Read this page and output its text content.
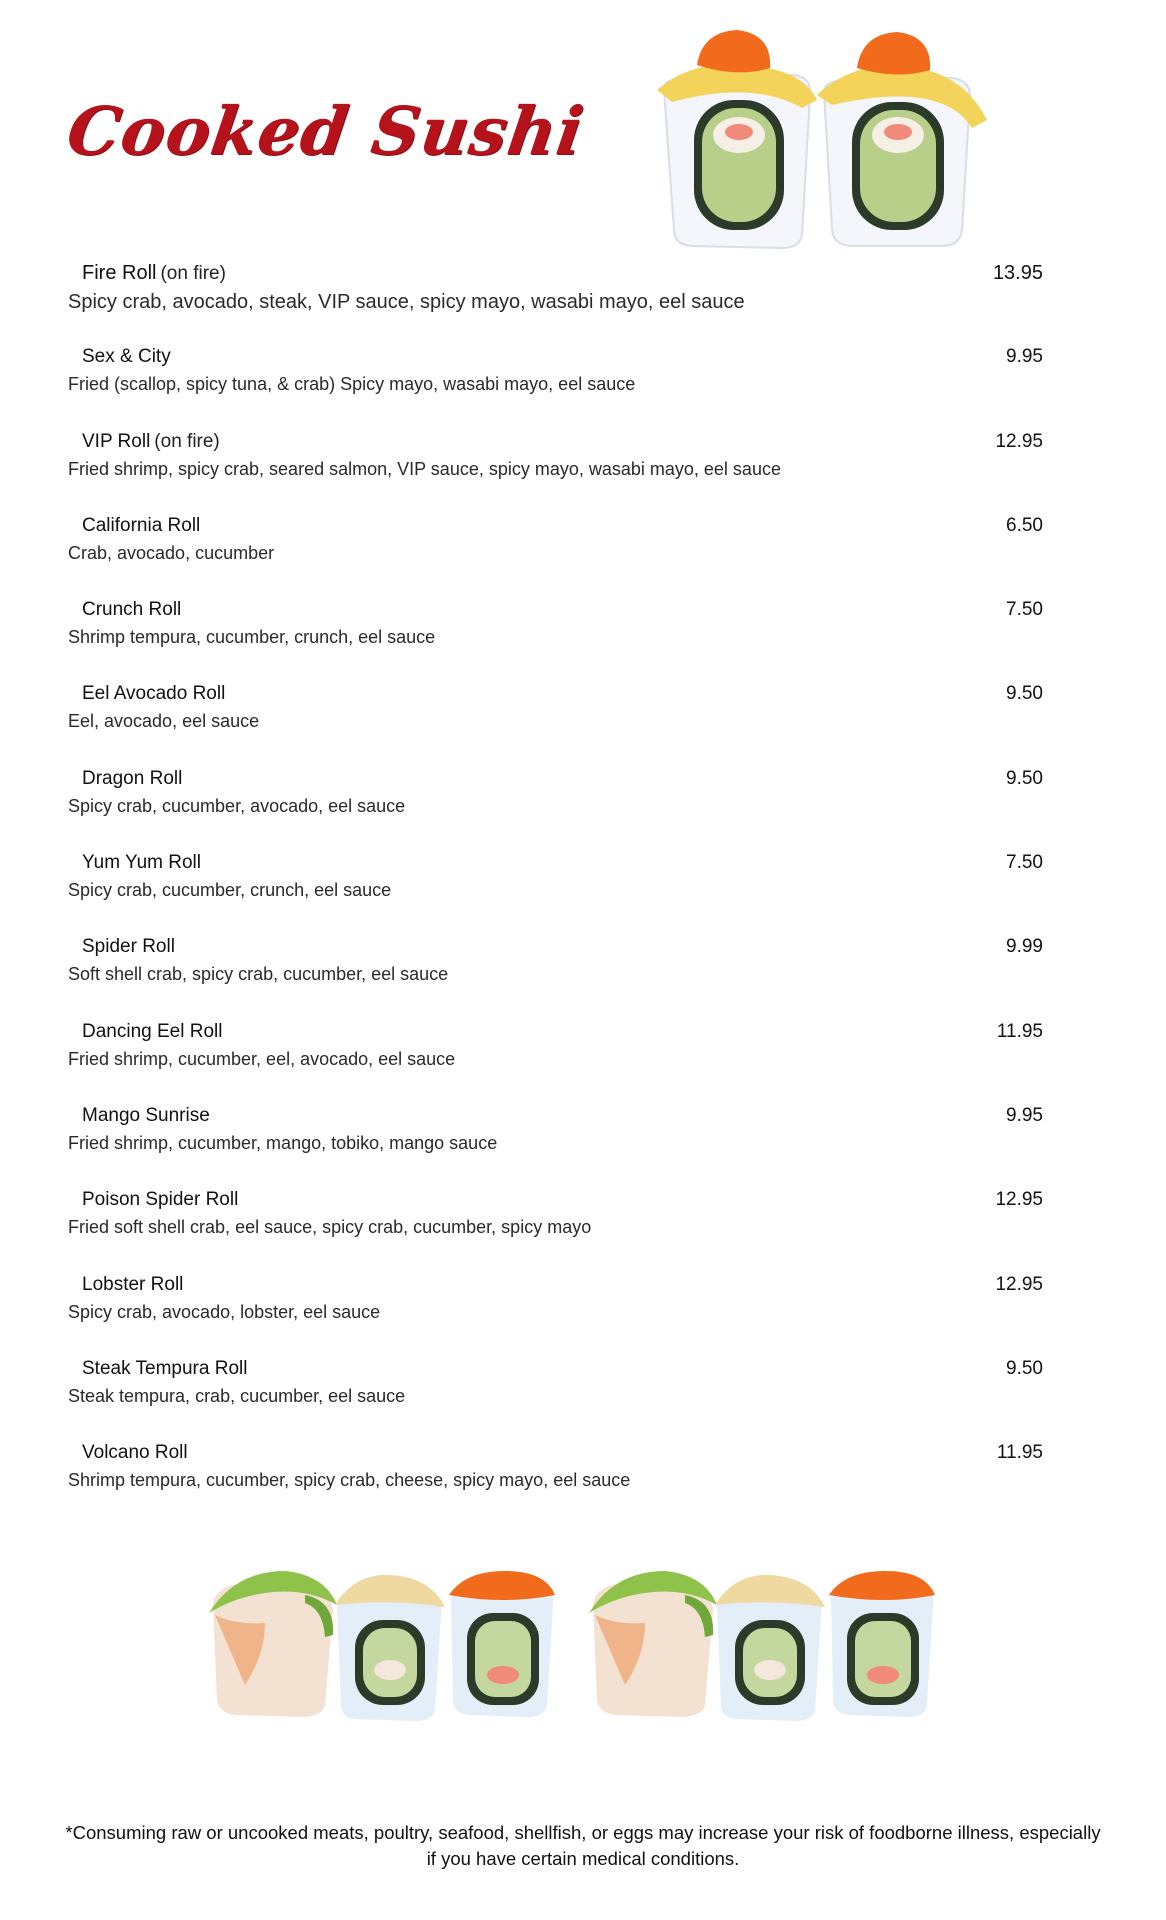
Cooked Sushi
Fire Roll (on fire)	13.95
Spicy crab, avocado, steak, VIP sauce, spicy mayo, wasabi mayo, eel sauce
Sex & City	9.95
Fried (scallop, spicy tuna, & crab) Spicy mayo, wasabi mayo, eel sauce
VIP Roll (on fire)	12.95
Fried shrimp, spicy crab, seared salmon, VIP sauce, spicy mayo, wasabi mayo, eel sauce
California Roll	6.50
Crab, avocado, cucumber
Crunch Roll	7.50
Shrimp tempura, cucumber, crunch, eel sauce
Eel Avocado Roll	9.50
Eel, avocado, eel sauce
Dragon Roll	9.50
Spicy crab, cucumber, avocado, eel sauce
Yum Yum Roll	7.50
Spicy crab, cucumber, crunch, eel sauce
Spider Roll	9.99
Soft shell crab, spicy crab, cucumber, eel sauce
Dancing Eel Roll	11.95
Fried shrimp, cucumber, eel, avocado, eel sauce
Mango Sunrise	9.95
Fried shrimp, cucumber, mango, tobiko, mango sauce
Poison Spider Roll	12.95
Fried soft shell crab, eel sauce, spicy crab, cucumber, spicy mayo
Lobster Roll	12.95
Spicy crab, avocado, lobster, eel sauce
Steak Tempura Roll	9.50
Steak tempura, crab, cucumber, eel sauce
Volcano Roll	11.95
Shrimp tempura, cucumber, spicy crab, cheese, spicy mayo, eel sauce
*Consuming raw or uncooked meats, poultry, seafood, shellfish, or eggs may increase your risk of foodborne illness, especially if you have certain medical conditions.
